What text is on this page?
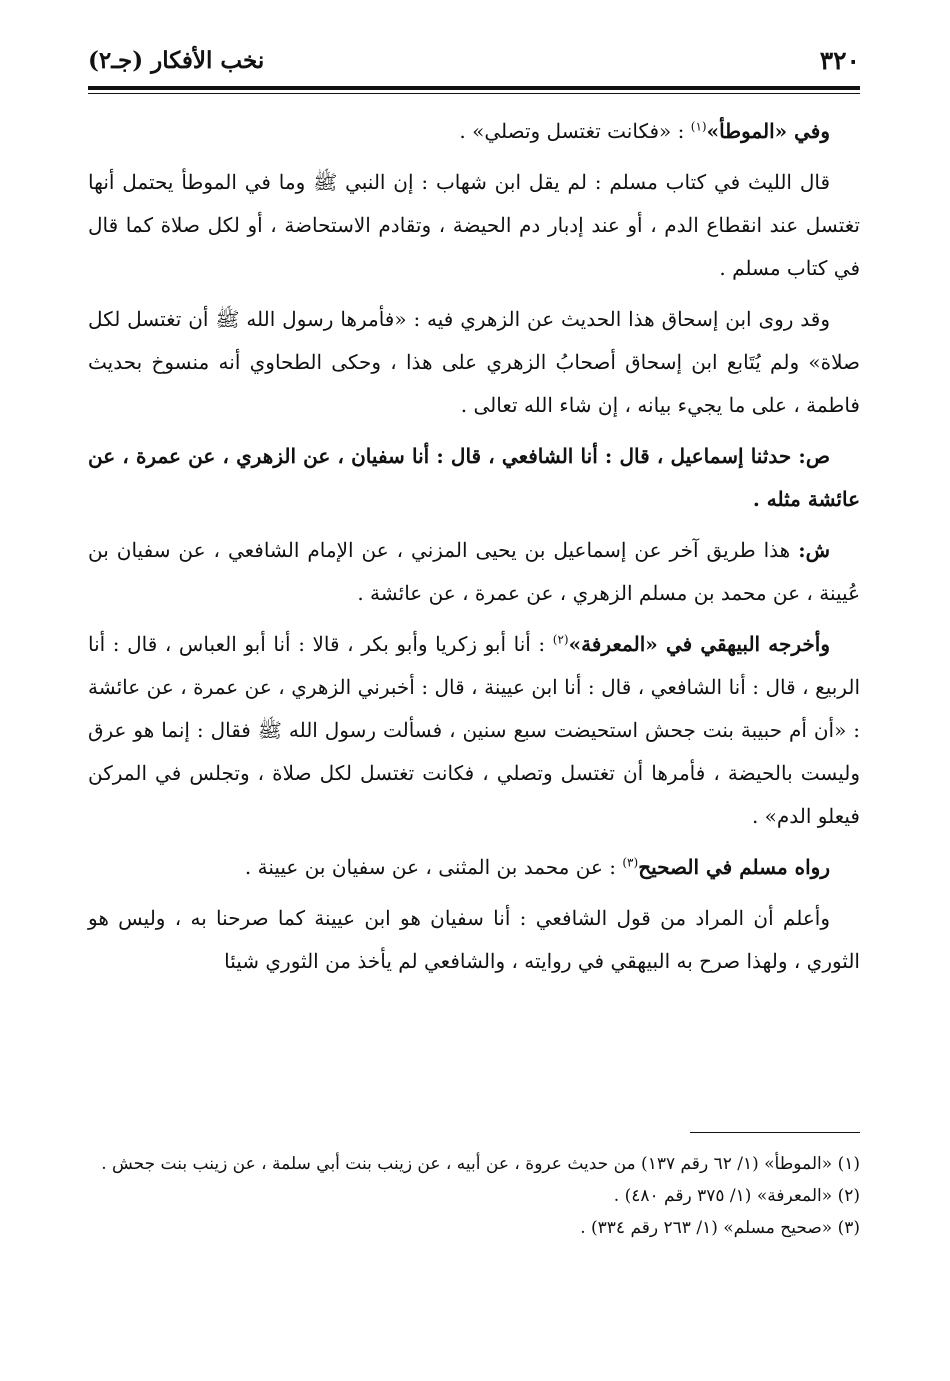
٣٢٠
نخب الأفكار (جـ٢)

وفي «الموطأ»$^{(١)}$ : «فكانت تغتسل وتصلي» .

قال الليث في كتاب مسلم : لم يقل ابن شهاب : إن النبي ﷺ وما في الموطأ يحتمل أنها تغتسل عند انقطاع الدم ، أو عند إدبار دم الحيضة ، وتقادم الاستحاضة ، أو لكل صلاة كما قال في كتاب مسلم .

وقد روى ابن إسحاق هذا الحديث عن الزهري فيه : «فأمرها رسول الله ﷺ أن تغتسل لكل صلاة» ولم يُتَابع ابن إسحاق أصحابُ الزهري على هذا ، وحكى الطحاوي أنه منسوخ بحديث فاطمة ، على ما يجيء بيانه ، إن شاء الله تعالى .

ص: حدثنا إسماعيل ، قال : أنا الشافعي ، قال : أنا سفيان ، عن الزهري ، عن عمرة ، عن عائشة مثله .

ش: هذا طريق آخر عن إسماعيل بن يحيى المزني ، عن الإمام الشافعي ، عن سفيان بن عُيينة ، عن محمد بن مسلم الزهري ، عن عمرة ، عن عائشة .

وأخرجه البيهقي في «المعرفة»$^{(٢)}$ : أنا أبو زكريا وأبو بكر ، قالا : أنا أبو العباس ، قال : أنا الربيع ، قال : أنا الشافعي ، قال : أنا ابن عيينة ، قال : أخبرني الزهري ، عن عمرة ، عن عائشة : «أن أم حبيبة بنت جحش استحيضت سبع سنين ، فسألت رسول الله ﷺ فقال : إنما هو عرق وليست بالحيضة ، فأمرها أن تغتسل وتصلي ، فكانت تغتسل لكل صلاة ، وتجلس في المركن فيعلو الدم» .

رواه مسلم في الصحيح$^{(٣)}$ : عن محمد بن المثنى ، عن سفيان بن عيينة .

وأعلم أن المراد من قول الشافعي : أنا سفيان هو ابن عيينة كما صرحنا به ، وليس هو الثوري ، ولهذا صرح به البيهقي في روايته ، والشافعي لم يأخذ من الثوري شيئا

(١) «الموطأ» (١/ ٦٢ رقم ١٣٧) من حديث عروة ، عن أبيه ، عن زينب بنت أبي سلمة ، عن زينب بنت جحش .

(٢) «المعرفة» (١/ ٣٧٥ رقم ٤٨٠) .

(٣) «صحيح مسلم» (١/ ٢٦٣ رقم ٣٣٤) .
